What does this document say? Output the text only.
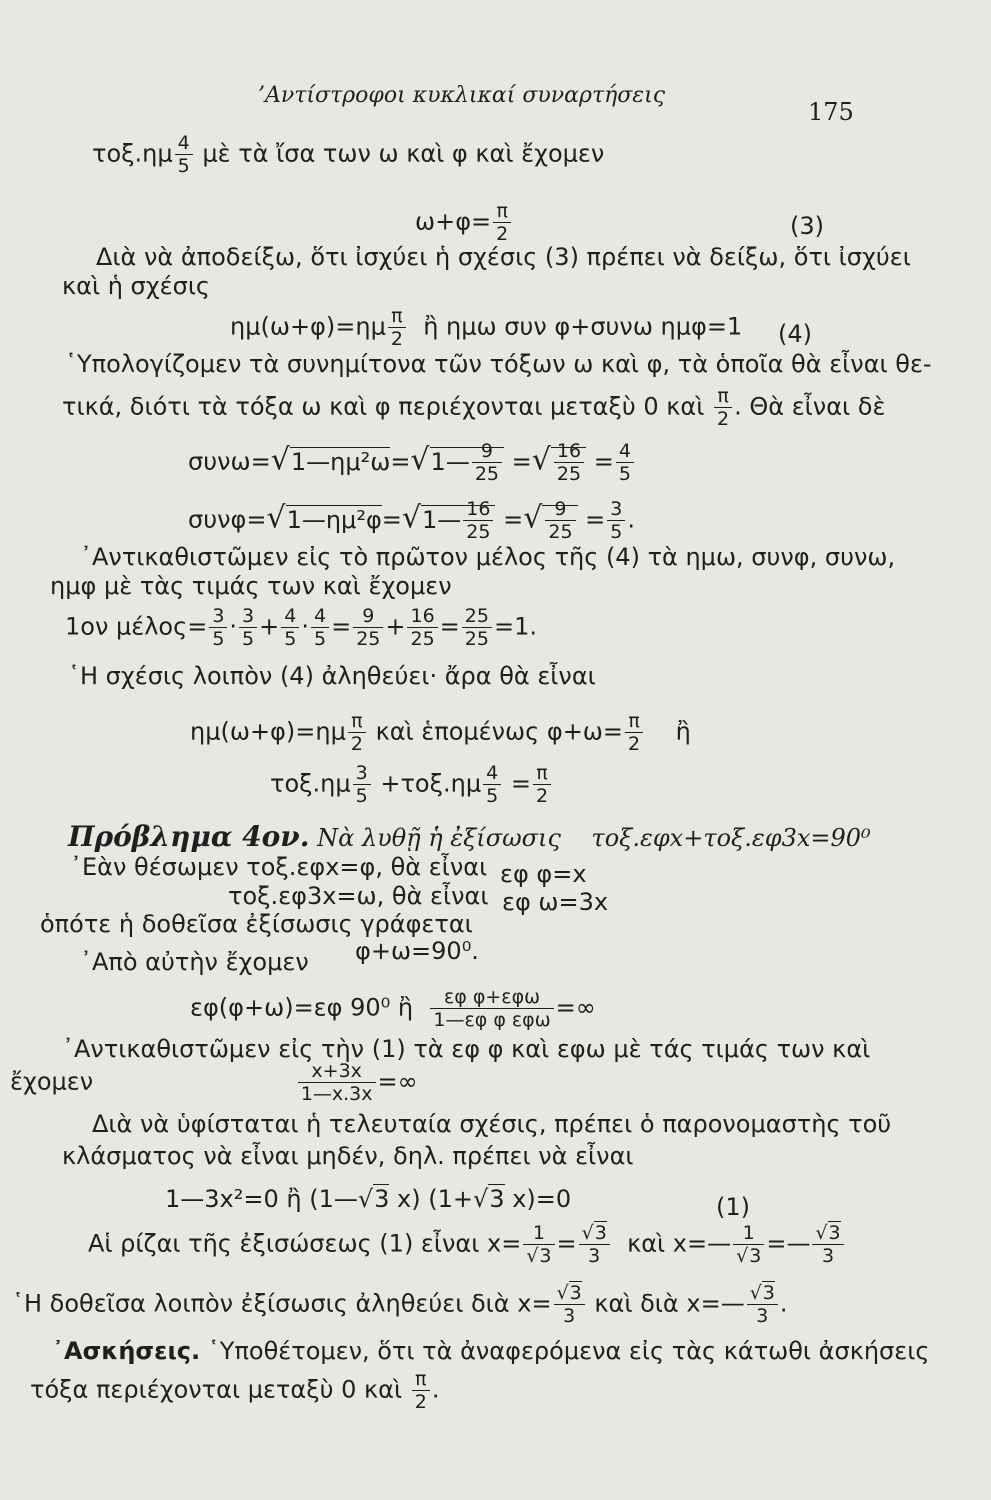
’Αντίστροφοι κυκλικαί συναρτήσεις
175
$\tau o\xi.\eta\mu \frac{4}{5}$ μὲ τὰ ἴσα των ω καὶ φ καὶ ἔχομεν
$\omega+\varphi= \frac{\pi}{2}$	(3)
Διὰ νὰ ἀποδείξω, ὅτι ἰσχύει ἡ σχέσις (3) πρέπει νὰ δείξω, ὅτι ἰσχύει
καὶ ἡ σχέσις
$\eta\mu(\omega+\varphi)=\eta\mu \frac{\pi}{2}$ ἢ ημω συν φ+συνω ημφ=1 (4)
῾Υπολογίζομεν τὰ συνημίτονα τῶν τόξων ω καὶ φ, τὰ ὁποῖα θὰ εἶναι θε-
τικά, διότι τὰ τόξα ω καὶ φ περιέχονται μεταξὺ 0 καὶ $\frac{\pi}{2}$ . Θὰ εἶναι δὲ
συνω=√1—ημ²ω=√1— $\frac{9}{25}$ =√ $\frac{16}{25} = \frac{4}{5}$
συνφ=√1—ημ²φ=√1— $\frac{16}{25}$ =√ $\frac{9}{25} = \frac{3}{5}$ .
᾽Αντικαθιστῶμεν εἰς τὸ πρῶτον μέλος τῆς (4) τὰ ημω, συνφ, συνω,
ημφ μὲ τὰς τιμάς των καὶ ἔχομεν
1ον $\mu έ\lambda o\varsigma= \frac{3}{5} \cdot \frac{3}{5} + \frac{4}{5} \cdot \frac{4}{5} = \frac{9}{25} + \frac{16}{25} = \frac{25}{25} =1$.
῾Η σχέσις λοιπὸν (4) ἀληθεύει· ἄρα θὰ εἶναι
$\eta\mu(\omega+\varphi)=\eta\mu \frac{\pi}{2}$ καὶ ἑπομένως $\varphi+\omega= \frac{\pi}{2}$ ἢ
$\tau o\xi.\eta\mu \frac{3}{5} +\tau o\xi.\eta\mu \frac{4}{5} = \frac{\pi}{2}$
Πρόβλημα 4ον. Νὰ λυθῇ ἡ ἐξίσωσις τοξ.εφx+τοξ.εφ3x=90⁰
᾽Εὰν θέσωμεν τοξ.εφx=φ, θὰ εἶναι εφ φ=x
τοξ.εφ3x=ω, θὰ εἶναι εφ ω=3x
ὁπότε ἡ δοθεῖσα ἐξίσωσις γράφεται
φ+ω=90⁰.
᾽Απὸ αὐτὴν ἔχομεν
εφ(φ+ω)=εφ 90⁰ ἢ	εφ φ+εφω
1—εφ φ εφω =∞
᾽Αντικαθιστῶμεν εἰς τὴν (1) τὰ εφ φ καὶ εφω μὲ τάς τιμάς των καὶ
ἔχομεν	$\frac{x+3x}{1—x.3x}$ =∞
Διὰ νὰ ὑφίσταται ἡ τελευταία σχέσις, πρέπει ὁ παρονομαστὴς τοῦ
κλάσματος νὰ εἶναι μηδέν, δηλ. πρέπει νὰ εἶναι
1—3x²=0 ἢ (1—√3 x) (1+√3 x)=0	(1)
Αἱ ρίζαι τῆς ἐξισώσεως (1) εἶναι $x= \frac{1}{√3} = \frac{√3}{3}$ καὶ x=— $\frac{1}{√3}$ =— $\frac{√3}{3}$
῾Η δοθεῖσα λοιπὸν ἐξίσωσις ἀληθεύει διὰ $x= \frac{√3}{3}$ καὶ διὰ x=— $\frac{√3}{3}$ .
᾽Ασκήσεις. ῾Υποθέτομεν, ὅτι τὰ ἀναφερόμενα εἰς τὰς κάτωθι ἀσκήσεις
τόξα περιέχονται μεταξὺ 0 καὶ $\frac{\pi}{2}$ .
